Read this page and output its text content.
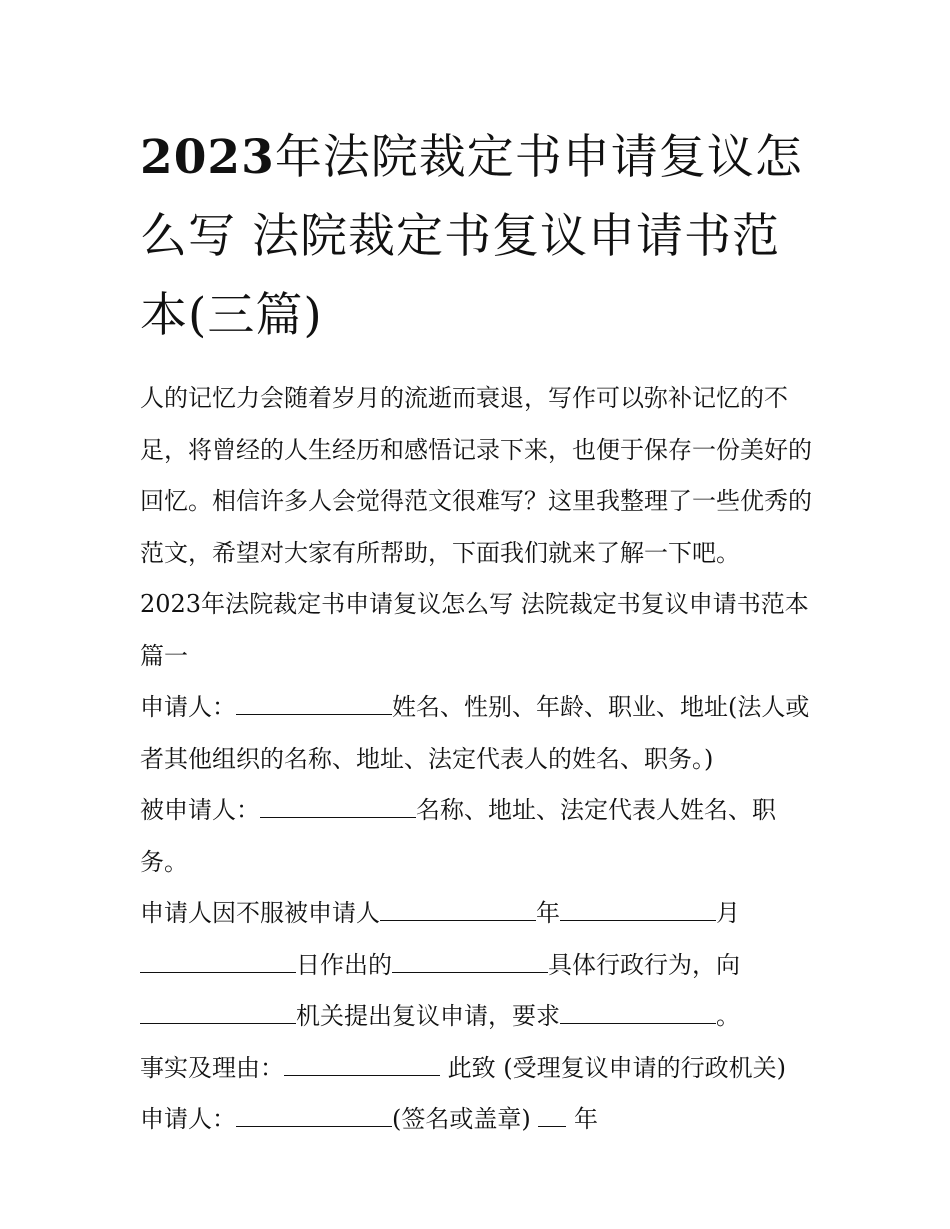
2023年法院裁定书申请复议怎么写 法院裁定书复议申请书范本(三篇)

人的记忆力会随着岁月的流逝而衰退，写作可以弥补记忆的不足，将曾经的人生经历和感悟记录下来，也便于保存一份美好的回忆。相信许多人会觉得范文很难写？这里我整理了一些优秀的范文，希望对大家有所帮助，下面我们就来了解一下吧。

2023年法院裁定书申请复议怎么写 法院裁定书复议申请书范本篇一

申请人：	姓名、性别、年龄、职业、地址(法人或者其他组织的名称、地址、法定代表人的姓名、职务。)

被申请人：	名称、地址、法定代表人姓名、职务。

申请人因不服被申请人	年	月日作出的	具体行政行为，向
机关提出复议申请，要求	。

事实及理由：	此致 (受理复议申请的行政机关)

申请人：	(签名或盖章)  年
